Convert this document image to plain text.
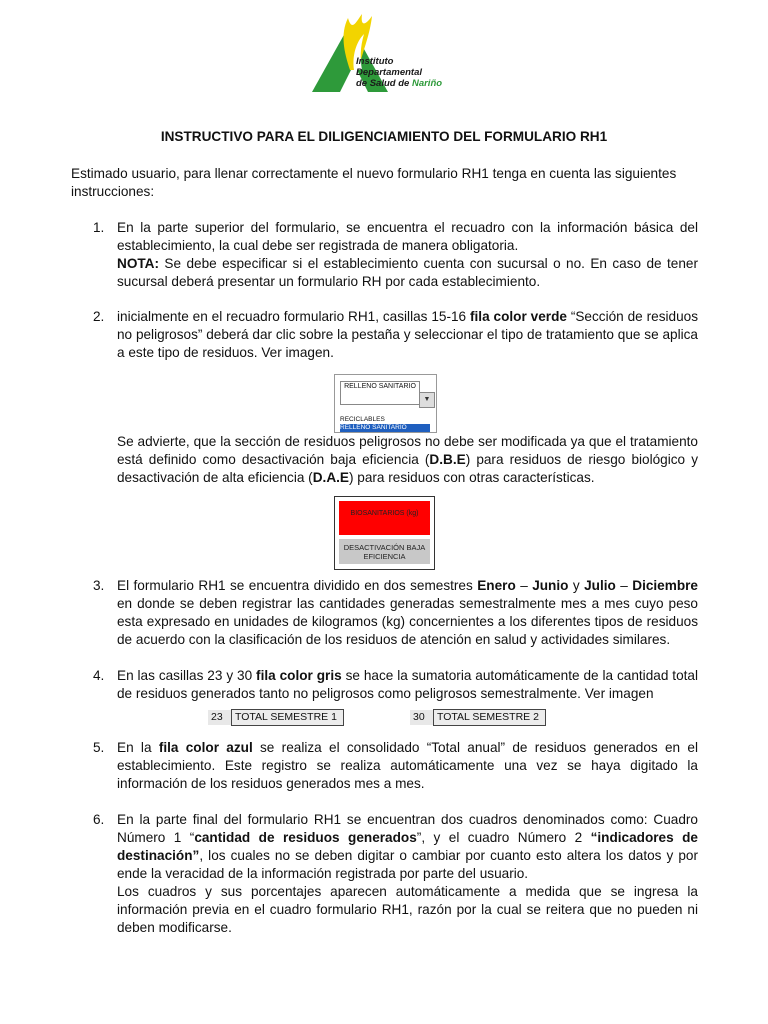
Instituto
Departamental
de Salud de Nariño
INSTRUCTIVO PARA EL DILIGENCIAMIENTO DEL FORMULARIO RH1
Estimado usuario, para llenar correctamente el nuevo formulario RH1 tenga en cuenta las siguientes instrucciones:
1. En la parte superior del formulario, se encuentra el recuadro con la información básica del establecimiento, la cual debe ser registrada de manera obligatoria.
NOTA: Se debe especificar si el establecimiento cuenta con sucursal o no. En caso de tener sucursal deberá presentar un formulario RH por cada establecimiento.
2. inicialmente en el recuadro formulario RH1, casillas 15-16 fila color verde “Sección de residuos no peligrosos” deberá dar clic sobre la pestaña y seleccionar el tipo de tratamiento que se aplica a este tipo de residuos. Ver imagen.
RELLENO SANITARIO
▼
RECICLABLES
RELLENO SANITARIO
Se advierte, que la sección de residuos peligrosos no debe ser modificada ya que el tratamiento está definido como desactivación baja eficiencia (D.B.E) para residuos de riesgo biológico y desactivación de alta eficiencia (D.A.E) para residuos con otras características.
BIOSANITARIOS (kg)
DESACTIVACIÓN BAJA EFICIENCIA
3. El formulario RH1 se encuentra dividido en dos semestres Enero – Junio y Julio – Diciembre en donde se deben registrar las cantidades generadas semestralmente mes a mes cuyo peso esta expresado en unidades de kilogramos (kg) concernientes a los diferentes tipos de residuos de acuerdo con la clasificación de los residuos de atención en salud y actividades similares.
4. En las casillas 23 y 30 fila color gris se hace la sumatoria automáticamente de la cantidad total de residuos generados tanto no peligrosos como peligrosos semestralmente. Ver imagen
23 TOTAL SEMESTRE 1	30 TOTAL SEMESTRE 2
5. En la fila color azul se realiza el consolidado “Total anual” de residuos generados en el establecimiento. Este registro se realiza automáticamente una vez se haya digitado la información de los residuos generados mes a mes.
6. En la parte final del formulario RH1 se encuentran dos cuadros denominados como: Cuadro Número 1 “cantidad de residuos generados”, y el cuadro Número 2 “indicadores de destinación”, los cuales no se deben digitar o cambiar por cuanto esto altera los datos y por ende la veracidad de la información registrada por parte del usuario.
Los cuadros y sus porcentajes aparecen automáticamente a medida que se ingresa la información previa en el cuadro formulario RH1, razón por la cual se reitera que no pueden ni deben modificarse.
